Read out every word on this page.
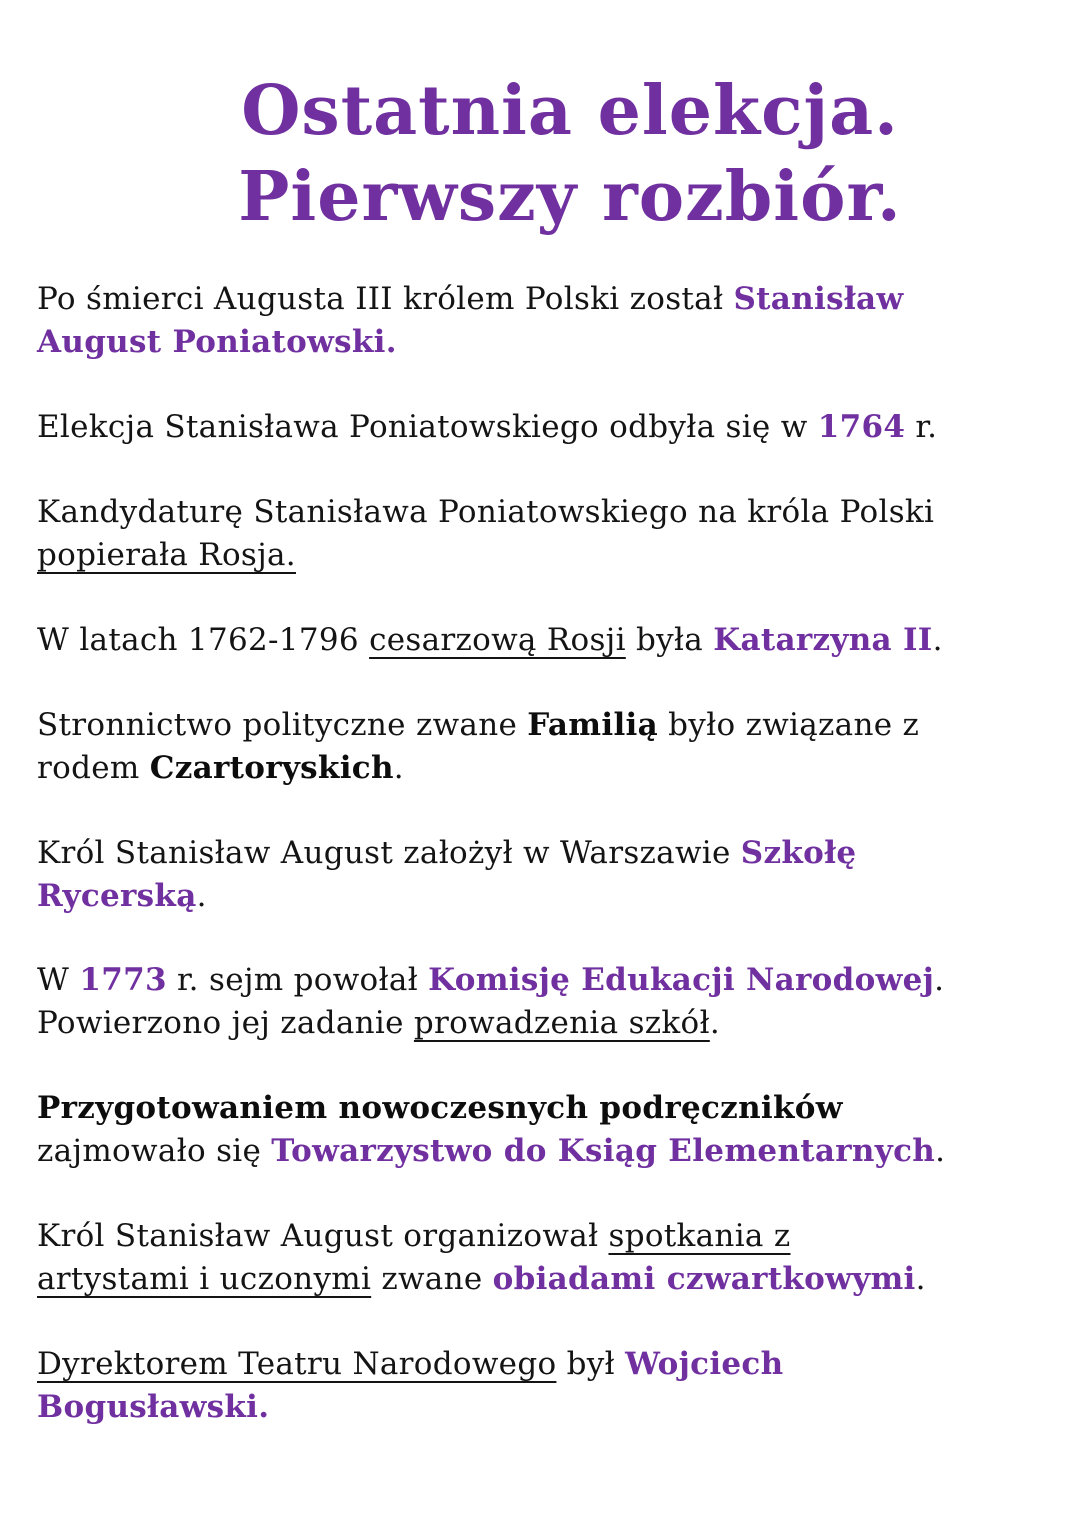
Ostatnia elekcja.
Pierwszy rozbiór.
Po śmierci Augusta III królem Polski został Stanisław
August Poniatowski.
Elekcja Stanisława Poniatowskiego odbyła się w 1764 r.
Kandydaturę Stanisława Poniatowskiego na króla Polski
popierała Rosja.
W latach 1762-1796 cesarzową Rosji była Katarzyna II.
Stronnictwo polityczne zwane Familią było związane z
rodem Czartoryskich.
Król Stanisław August założył w Warszawie Szkołę
Rycerską.
W 1773 r. sejm powołał Komisję Edukacji Narodowej.
Powierzono jej zadanie prowadzenia szkół.
Przygotowaniem nowoczesnych podręczników
zajmowało się Towarzystwo do Ksiąg Elementarnych.
Król Stanisław August organizował spotkania z
artystami i uczonymi zwane obiadami czwartkowymi.
Dyrektorem Teatru Narodowego był Wojciech
Bogusławski.
